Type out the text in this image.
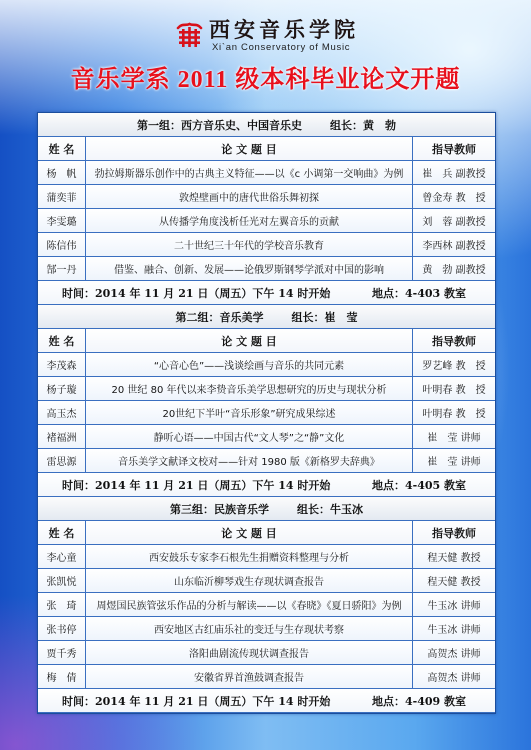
西安音乐学院
Xi`an Conservatory of Music
音乐学系 2011 级本科毕业论文开题
第一组：西方音乐史、中国音乐史	组长：黄　勃
姓 名	论 文 题 目	指导教师
杨　帆	勃拉姆斯器乐创作中的古典主义特征——以《c 小调第一交响曲》为例	崔　兵 副教授
蒲奕菲	敦煌壁画中的唐代世俗乐舞初探	曾金寿 教　授
李雯璐	从传播学角度浅析任光对左翼音乐的贡献	刘　蓉 副教授
陈信伟	二十世纪三十年代的学校音乐教育	李西林 副教授
郜一丹	借鉴、融合、创新、发展——论俄罗斯钢琴学派对中国的影响	黄　勃 副教授
时间：2014 年 11 月 21 日（周五）下午 14 时开始	地点：4-403 教室
第二组：音乐美学	组长：崔　莹
姓 名	论 文 题 目	指导教师
李茂森	“心音心色”——浅谈绘画与音乐的共同元素	罗艺峰 教　授
杨子璇	20 世纪 80 年代以来李贽音乐美学思想研究的历史与现状分析	叶明春 教　授
高玉杰	20世纪下半叶“音乐形象”研究成果综述	叶明春 教　授
褚福洲	静听心语——中国古代“文人琴”之“静”文化	崔　莹 讲师
雷思源	音乐美学文献译文校对——针对 1980 版《新格罗夫辞典》	崔　莹 讲师
时间：2014 年 11 月 21 日（周五）下午 14 时开始	地点：4-405 教室
第三组：民族音乐学	组长：牛玉冰
姓 名	论 文 题 目	指导教师
李心童	西安鼓乐专家李石根先生捐赠资料整理与分析	程天健 教授
张凯悦	山东临沂柳琴戏生存现状调查报告	程天健 教授
张　琦	周煜国民族管弦乐作品的分析与解读——以《春晓》《夏日骄阳》为例	牛玉冰 讲师
张书停	西安地区古红庙乐社的变迁与生存现状考察	牛玉冰 讲师
贾千秀	洛阳曲剧流传现状调查报告	高贺杰 讲师
梅　倩	安徽省界首渔鼓调查报告	高贺杰 讲师
时间：2014 年 11 月 21 日（周五）下午 14 时开始	地点：4-409 教室
